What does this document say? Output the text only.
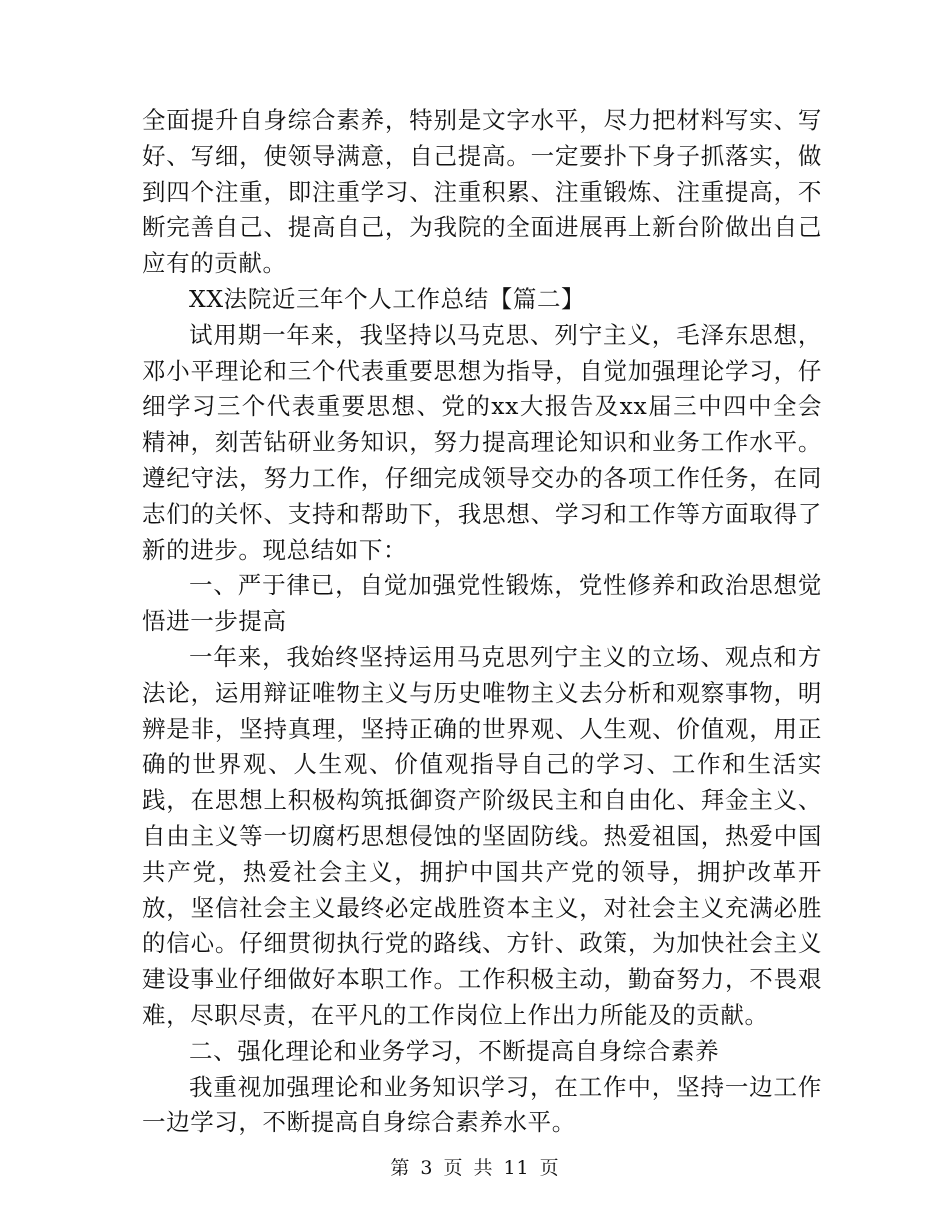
全面提升自身综合素养，特别是文字水平，尽力把材料写实、写好、写细，使领导满意，自己提高。一定要扑下身子抓落实，做到四个注重，即注重学习、注重积累、注重锻炼、注重提高，不断完善自己、提高自己，为我院的全面进展再上新台阶做出自己应有的贡献。

XX法院近三年个人工作总结【篇二】

试用期一年来，我坚持以马克思、列宁主义，毛泽东思想，邓小平理论和三个代表重要思想为指导，自觉加强理论学习，仔细学习三个代表重要思想、党的xx大报告及xx届三中四中全会精神，刻苦钻研业务知识，努力提高理论知识和业务工作水平。遵纪守法，努力工作，仔细完成领导交办的各项工作任务，在同志们的关怀、支持和帮助下，我思想、学习和工作等方面取得了新的进步。现总结如下：

一、严于律已，自觉加强党性锻炼，党性修养和政治思想觉悟进一步提高

一年来，我始终坚持运用马克思列宁主义的立场、观点和方法论，运用辩证唯物主义与历史唯物主义去分析和观察事物，明辨是非，坚持真理，坚持正确的世界观、人生观、价值观，用正确的世界观、人生观、价值观指导自己的学习、工作和生活实践，在思想上积极构筑抵御资产阶级民主和自由化、拜金主义、自由主义等一切腐朽思想侵蚀的坚固防线。热爱祖国，热爱中国共产党，热爱社会主义，拥护中国共产党的领导，拥护改革开放，坚信社会主义最终必定战胜资本主义，对社会主义充满必胜的信心。仔细贯彻执行党的路线、方针、政策，为加快社会主义建设事业仔细做好本职工作。工作积极主动，勤奋努力，不畏艰难，尽职尽责，在平凡的工作岗位上作出力所能及的贡献。

二、强化理论和业务学习，不断提高自身综合素养

我重视加强理论和业务知识学习，在工作中，坚持一边工作一边学习，不断提高自身综合素养水平。

第 3 页 共 11 页
